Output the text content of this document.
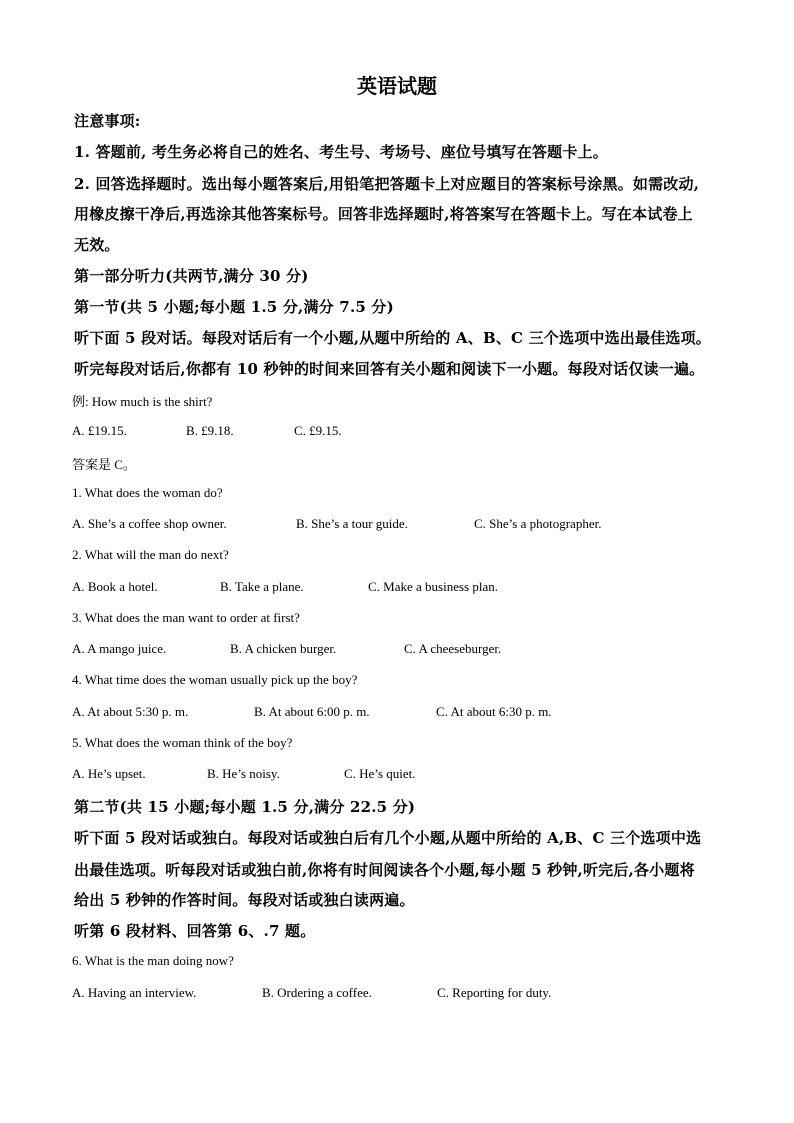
英语试题
注意事项:
1. 答题前, 考生务必将自己的姓名、考生号、考场号、座位号填写在答题卡上。
2. 回答选择题时。选出每小题答案后,用铅笔把答题卡上对应题目的答案标号涂黑。如需改动,
用橡皮擦干净后,再选涂其他答案标号。回答非选择题时,将答案写在答题卡上。写在本试卷上
无效。
第一部分听力(共两节,满分 30 分)
第一节(共 5 小题;每小题 1.5 分,满分 7.5 分)
听下面 5 段对话。每段对话后有一个小题,从题中所给的 A、B、C 三个选项中选出最佳选项。
听完每段对话后,你都有 10 秒钟的时间来回答有关小题和阅读下一小题。每段对话仅读一遍。
例: How much is the shirt?
A. £19.15.	B. £9.18.	C. £9.15.
答案是 C。
1. What does the woman do?
A. She’s a coffee shop owner.	B. She’s a tour guide.	C. She’s a photographer.
2. What will the man do next?
A. Book a hotel.	B. Take a plane.	C. Make a business plan.
3. What does the man want to order at first?
A. A mango juice.	B. A chicken burger.	C. A cheeseburger.
4. What time does the woman usually pick up the boy?
A. At about 5:30 p. m.	B. At about 6:00 p. m.	C. At about 6:30 p. m.
5. What does the woman think of the boy?
A. He’s upset.	B. He’s noisy.	C. He’s quiet.
第二节(共 15 小题;每小题 1.5 分,满分 22.5 分)
听下面 5 段对话或独白。每段对话或独白后有几个小题,从题中所给的 A,B、C 三个选项中选
出最佳选项。听每段对话或独白前,你将有时间阅读各个小题,每小题 5 秒钟,听完后,各小题将
给出 5 秒钟的作答时间。每段对话或独白读两遍。
听第 6 段材料、回答第 6、.7 题。
6. What is the man doing now?
A. Having an interview.	B. Ordering a coffee.	C. Reporting for duty.
